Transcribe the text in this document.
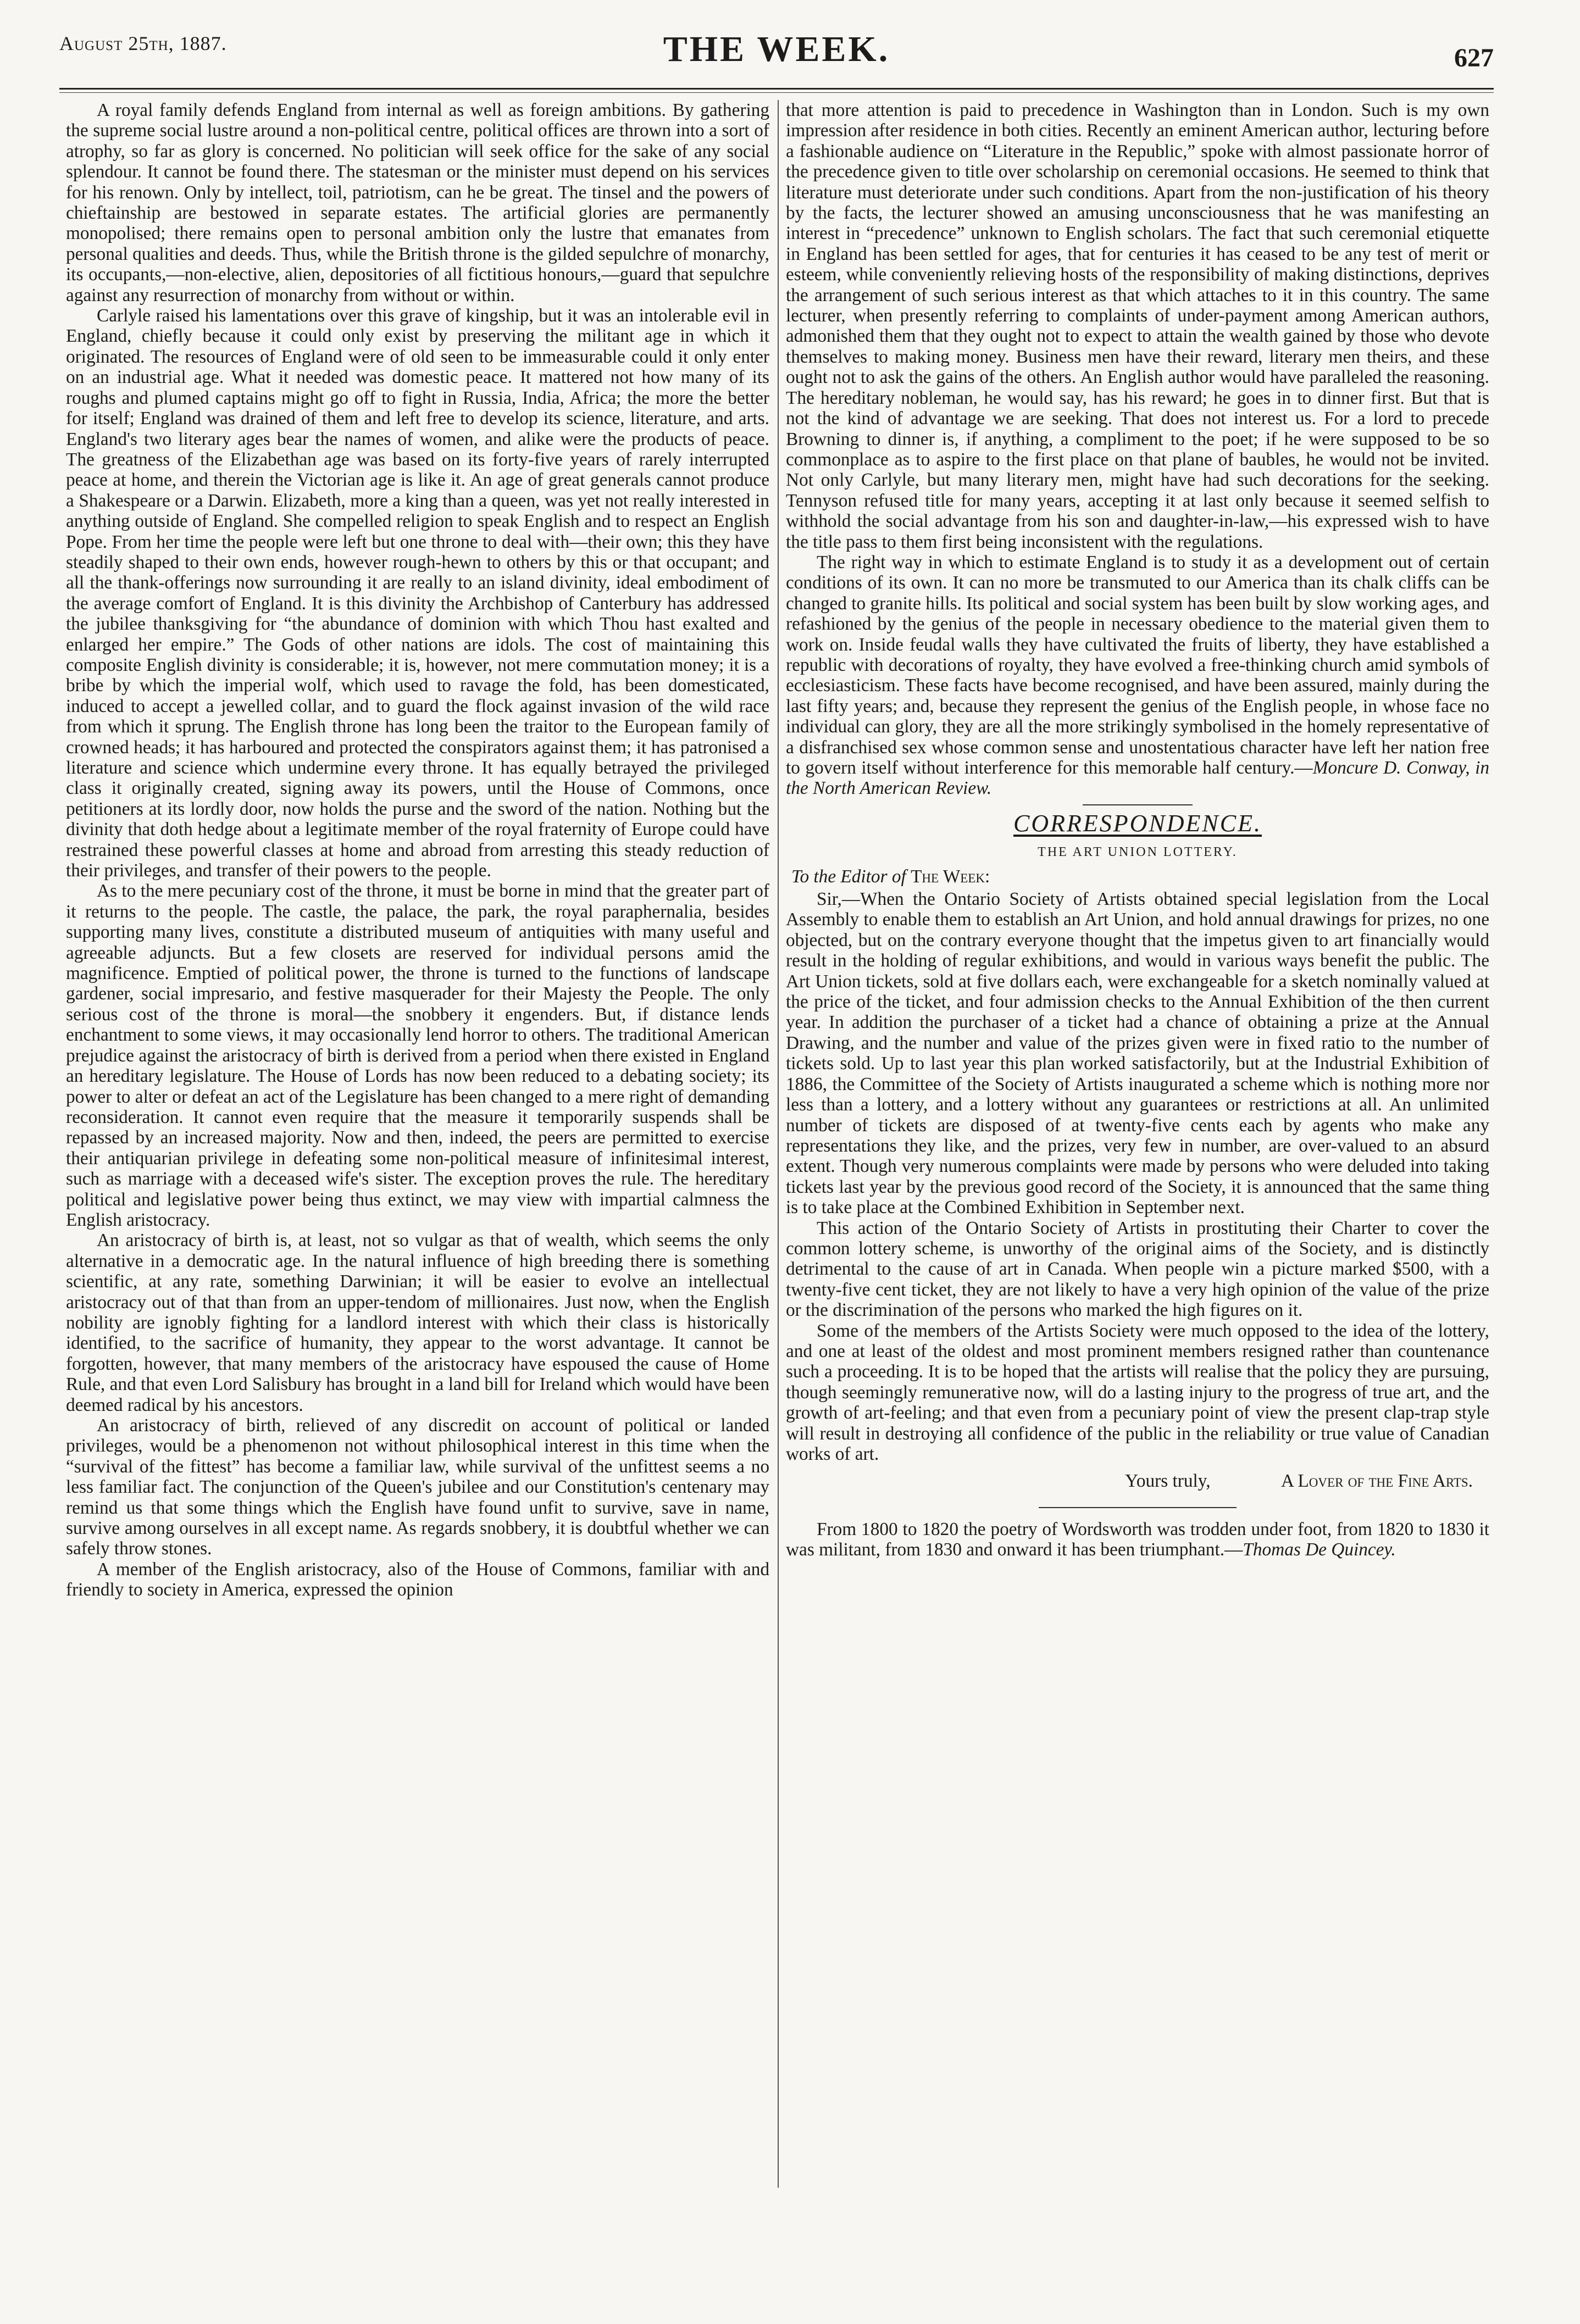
August 25th, 1887.	THE WEEK.	627

A royal family defends England from internal as well as foreign ambitions. By gathering the supreme social lustre around a non-political centre, political offices are thrown into a sort of atrophy, so far as glory is concerned. No politician will seek office for the sake of any social splendour. It cannot be found there. The statesman or the minister must depend on his services for his renown. Only by intellect, toil, patriotism, can he be great. The tinsel and the powers of chieftainship are bestowed in separate estates. The artificial glories are permanently monopolised; there remains open to personal ambition only the lustre that emanates from personal qualities and deeds. Thus, while the British throne is the gilded sepulchre of monarchy, its occupants,—non-elective, alien, depositories of all fictitious honours,—guard that sepulchre against any resurrection of monarchy from without or within.

Carlyle raised his lamentations over this grave of kingship, but it was an intolerable evil in England, chiefly because it could only exist by preserving the militant age in which it originated. The resources of England were of old seen to be immeasurable could it only enter on an industrial age. What it needed was domestic peace. It mattered not how many of its roughs and plumed captains might go off to fight in Russia, India, Africa; the more the better for itself; England was drained of them and left free to develop its science, literature, and arts. England's two literary ages bear the names of women, and alike were the products of peace. The greatness of the Elizabethan age was based on its forty-five years of rarely interrupted peace at home, and therein the Victorian age is like it. An age of great generals cannot produce a Shakespeare or a Darwin. Elizabeth, more a king than a queen, was yet not really interested in anything outside of England. She compelled religion to speak English and to respect an English Pope. From her time the people were left but one throne to deal with—their own; this they have steadily shaped to their own ends, however rough-hewn to others by this or that occupant; and all the thank-offerings now surrounding it are really to an island divinity, ideal embodiment of the average comfort of England. It is this divinity the Archbishop of Canterbury has addressed the jubilee thanksgiving for “the abundance of dominion with which Thou hast exalted and enlarged her empire.” The Gods of other nations are idols. The cost of maintaining this composite English divinity is considerable; it is, however, not mere commutation money; it is a bribe by which the imperial wolf, which used to ravage the fold, has been domesticated, induced to accept a jewelled collar, and to guard the flock against invasion of the wild race from which it sprung. The English throne has long been the traitor to the European family of crowned heads; it has harboured and protected the conspirators against them; it has patronised a literature and science which undermine every throne. It has equally betrayed the privileged class it originally created, signing away its powers, until the House of Commons, once petitioners at its lordly door, now holds the purse and the sword of the nation. Nothing but the divinity that doth hedge about a legitimate member of the royal fraternity of Europe could have restrained these powerful classes at home and abroad from arresting this steady reduction of their privileges, and transfer of their powers to the people.

As to the mere pecuniary cost of the throne, it must be borne in mind that the greater part of it returns to the people. The castle, the palace, the park, the royal paraphernalia, besides supporting many lives, constitute a distributed museum of antiquities with many useful and agreeable adjuncts. But a few closets are reserved for individual persons amid the magnificence. Emptied of political power, the throne is turned to the functions of landscape gardener, social impresario, and festive masquerader for their Majesty the People. The only serious cost of the throne is moral—the snobbery it engenders. But, if distance lends enchantment to some views, it may occasionally lend horror to others. The traditional American prejudice against the aristocracy of birth is derived from a period when there existed in England an hereditary legislature. The House of Lords has now been reduced to a debating society; its power to alter or defeat an act of the Legislature has been changed to a mere right of demanding reconsideration. It cannot even require that the measure it temporarily suspends shall be repassed by an increased majority. Now and then, indeed, the peers are permitted to exercise their antiquarian privilege in defeating some non-political measure of infinitesimal interest, such as marriage with a deceased wife's sister. The exception proves the rule. The hereditary political and legislative power being thus extinct, we may view with impartial calmness the English aristocracy.

An aristocracy of birth is, at least, not so vulgar as that of wealth, which seems the only alternative in a democratic age. In the natural influence of high breeding there is something scientific, at any rate, something Darwinian; it will be easier to evolve an intellectual aristocracy out of that than from an upper-tendom of millionaires. Just now, when the English nobility are ignobly fighting for a landlord interest with which their class is historically identified, to the sacrifice of humanity, they appear to the worst advantage. It cannot be forgotten, however, that many members of the aristocracy have espoused the cause of Home Rule, and that even Lord Salisbury has brought in a land bill for Ireland which would have been deemed radical by his ancestors.

An aristocracy of birth, relieved of any discredit on account of political or landed privileges, would be a phenomenon not without philosophical interest in this time when the “survival of the fittest” has become a familiar law, while survival of the unfittest seems a no less familiar fact. The conjunction of the Queen's jubilee and our Constitution's centenary may remind us that some things which the English have found unfit to survive, save in name, survive among ourselves in all except name. As regards snobbery, it is doubtful whether we can safely throw stones.

A member of the English aristocracy, also of the House of Commons, familiar with and friendly to society in America, expressed the opinion

that more attention is paid to precedence in Washington than in London. Such is my own impression after residence in both cities. Recently an eminent American author, lecturing before a fashionable audience on “Literature in the Republic,” spoke with almost passionate horror of the precedence given to title over scholarship on ceremonial occasions. He seemed to think that literature must deteriorate under such conditions. Apart from the non-justification of his theory by the facts, the lecturer showed an amusing unconsciousness that he was manifesting an interest in “precedence” unknown to English scholars. The fact that such ceremonial etiquette in England has been settled for ages, that for centuries it has ceased to be any test of merit or esteem, while conveniently relieving hosts of the responsibility of making distinctions, deprives the arrangement of such serious interest as that which attaches to it in this country. The same lecturer, when presently referring to complaints of under-payment among American authors, admonished them that they ought not to expect to attain the wealth gained by those who devote themselves to making money. Business men have their reward, literary men theirs, and these ought not to ask the gains of the others. An English author would have paralleled the reasoning. The hereditary nobleman, he would say, has his reward; he goes in to dinner first. But that is not the kind of advantage we are seeking. That does not interest us. For a lord to precede Browning to dinner is, if anything, a compliment to the poet; if he were supposed to be so commonplace as to aspire to the first place on that plane of baubles, he would not be invited. Not only Carlyle, but many literary men, might have had such decorations for the seeking. Tennyson refused title for many years, accepting it at last only because it seemed selfish to withhold the social advantage from his son and daughter-in-law,—his expressed wish to have the title pass to them first being inconsistent with the regulations.

The right way in which to estimate England is to study it as a development out of certain conditions of its own. It can no more be transmuted to our America than its chalk cliffs can be changed to granite hills. Its political and social system has been built by slow working ages, and refashioned by the genius of the people in necessary obedience to the material given them to work on. Inside feudal walls they have cultivated the fruits of liberty, they have established a republic with decorations of royalty, they have evolved a free-thinking church amid symbols of ecclesiasticism. These facts have become recognised, and have been assured, mainly during the last fifty years; and, because they represent the genius of the English people, in whose face no individual can glory, they are all the more strikingly symbolised in the homely representative of a disfranchised sex whose common sense and unostentatious character have left her nation free to govern itself without interference for this memorable half century.—Moncure D. Conway, in the North American Review.

CORRESPONDENCE.
THE ART UNION LOTTERY.
To the Editor of The Week:

Sir,—When the Ontario Society of Artists obtained special legislation from the Local Assembly to enable them to establish an Art Union, and hold annual drawings for prizes, no one objected, but on the contrary everyone thought that the impetus given to art financially would result in the holding of regular exhibitions, and would in various ways benefit the public. The Art Union tickets, sold at five dollars each, were exchangeable for a sketch nominally valued at the price of the ticket, and four admission checks to the Annual Exhibition of the then current year. In addition the purchaser of a ticket had a chance of obtaining a prize at the Annual Drawing, and the number and value of the prizes given were in fixed ratio to the number of tickets sold. Up to last year this plan worked satisfactorily, but at the Industrial Exhibition of 1886, the Committee of the Society of Artists inaugurated a scheme which is nothing more nor less than a lottery, and a lottery without any guarantees or restrictions at all. An unlimited number of tickets are disposed of at twenty-five cents each by agents who make any representations they like, and the prizes, very few in number, are over-valued to an absurd extent. Though very numerous complaints were made by persons who were deluded into taking tickets last year by the previous good record of the Society, it is announced that the same thing is to take place at the Combined Exhibition in September next.

This action of the Ontario Society of Artists in prostituting their Charter to cover the common lottery scheme, is unworthy of the original aims of the Society, and is distinctly detrimental to the cause of art in Canada. When people win a picture marked $500, with a twenty-five cent ticket, they are not likely to have a very high opinion of the value of the prize or the discrimination of the persons who marked the high figures on it.

Some of the members of the Artists Society were much opposed to the idea of the lottery, and one at least of the oldest and most prominent members resigned rather than countenance such a proceeding. It is to be hoped that the artists will realise that the policy they are pursuing, though seemingly remunerative now, will do a lasting injury to the progress of true art, and the growth of art-feeling; and that even from a pecuniary point of view the present clap-trap style will result in destroying all confidence of the public in the reliability or true value of Canadian works of art.

Yours truly,	A Lover of the Fine Arts.

From 1800 to 1820 the poetry of Wordsworth was trodden under foot, from 1820 to 1830 it was militant, from 1830 and onward it has been triumphant.—Thomas De Quincey.
